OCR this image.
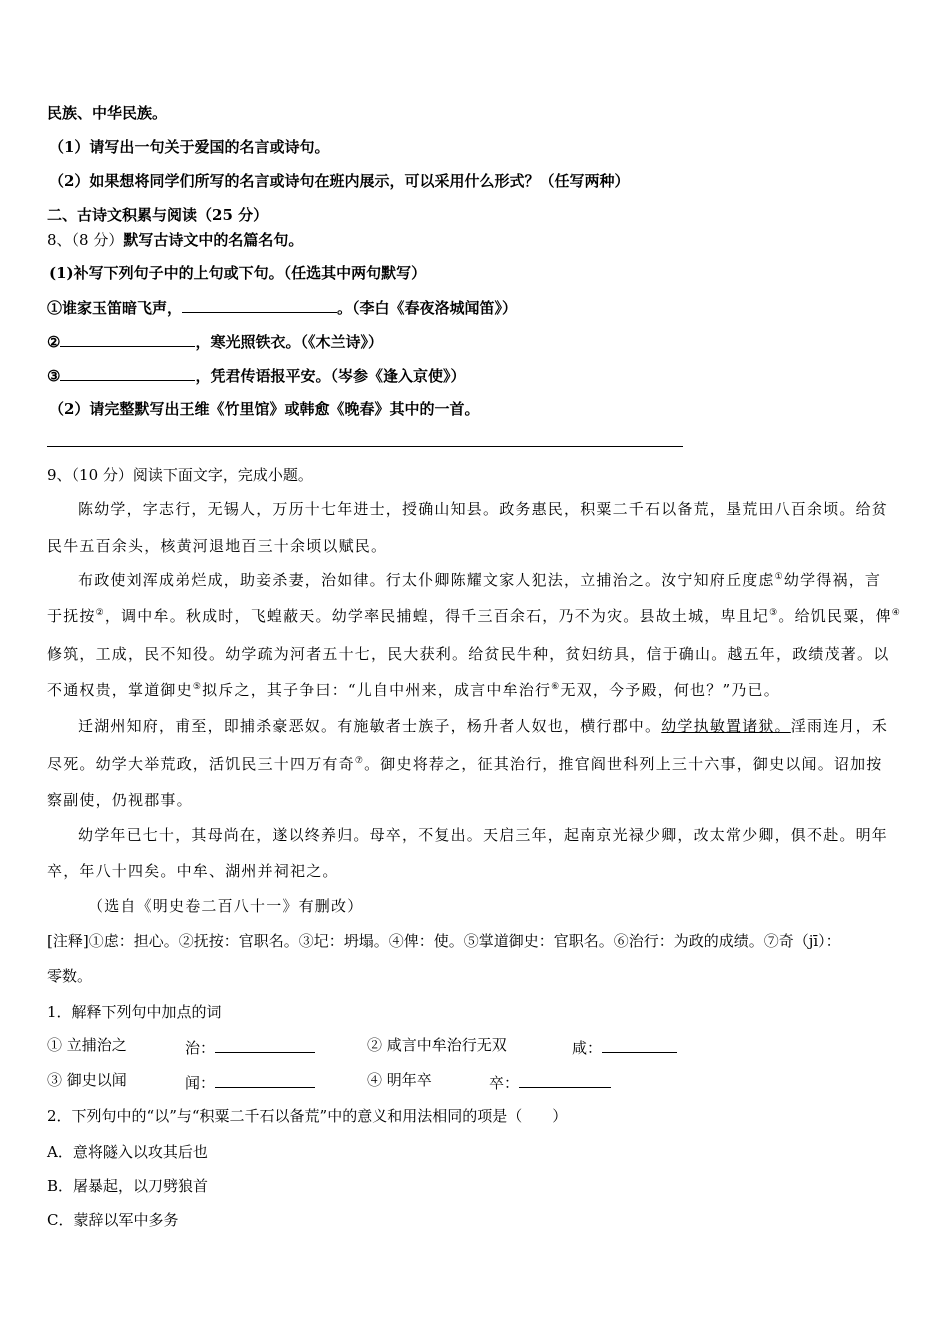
民族、中华民族。
（1）请写出一句关于爱国的名言或诗句。
（2）如果想将同学们所写的名言或诗句在班内展示，可以采用什么形式？（任写两种）
二、古诗文积累与阅读（25 分）
8、（8 分）默写古诗文中的名篇名句。
(1)补写下列句子中的上句或下句。（任选其中两句默写）
①谁家玉笛暗飞声，	。（李白《春夜洛城闻笛》）
②	，寒光照铁衣。（《木兰诗》）
③	，凭君传语报平安。（岑参《逢入京使》）
（2）请完整默写出王维《竹里馆》或韩愈《晚春》其中的一首。
9、（10 分）阅读下面文字，完成小题。
陈幼学，字志行，无锡人，万历十七年进士，授确山知县。政务惠民，积粟二千石以备荒，垦荒田八百余顷。给贫
民牛五百余头，核黄河退地百三十余顷以赋民。
布政使刘浑成弟烂成，助妾杀妻，治如律。行太仆卿陈耀文家人犯法，立捕治之。汝宁知府丘度虑①幼学得祸，言
于抚按②，调中牟。秋成时，飞蝗蔽天。幼学率民捕蝗，得千三百余石，乃不为灾。县故土城，卑且圮③。给饥民粟，俾④
修筑，工成，民不知役。幼学疏为河者五十七，民大获利。给贫民牛种，贫妇纺具，信于确山。越五年，政绩茂著。以
不通权贵，掌道御史⑤拟斥之，其子争曰：“儿自中州来，成言中牟治行⑥无双，今予殿，何也？”乃已。
迁湖州知府，甫至，即捕杀豪恶奴。有施敏者士族子，杨升者人奴也，横行郡中。幼学执敏置诸狱。淫雨连月，禾
尽死。幼学大举荒政，活饥民三十四万有奇⑦。御史将荐之，征其治行，推官阎世科列上三十六事，御史以闻。诏加按
察副使，仍视郡事。
幼学年已七十，其母尚在，遂以终养归。母卒，不复出。天启三年，起南京光禄少卿，改太常少卿，俱不赴。明年
卒，年八十四矣。中牟、湖州并祠祀之。
（选自《明史卷二百八十一》有删改）
[注释]①虑：担心。②抚按：官职名。③圮：坍塌。④俾：使。⑤掌道御史：官职名。⑥治行：为政的成绩。⑦奇（jī）：
零数。
1．解释下列句中加点的词
① 立捕治之	治：	② 咸言中牟治行无双	咸：
③ 御史以闻	闻：	④ 明年卒	卒：
2．下列句中的“以”与“积粟二千石以备荒”中的意义和用法相同的项是（　　）
A．意将隧入以攻其后也
B．屠暴起，以刀劈狼首
C．蒙辞以军中多务
